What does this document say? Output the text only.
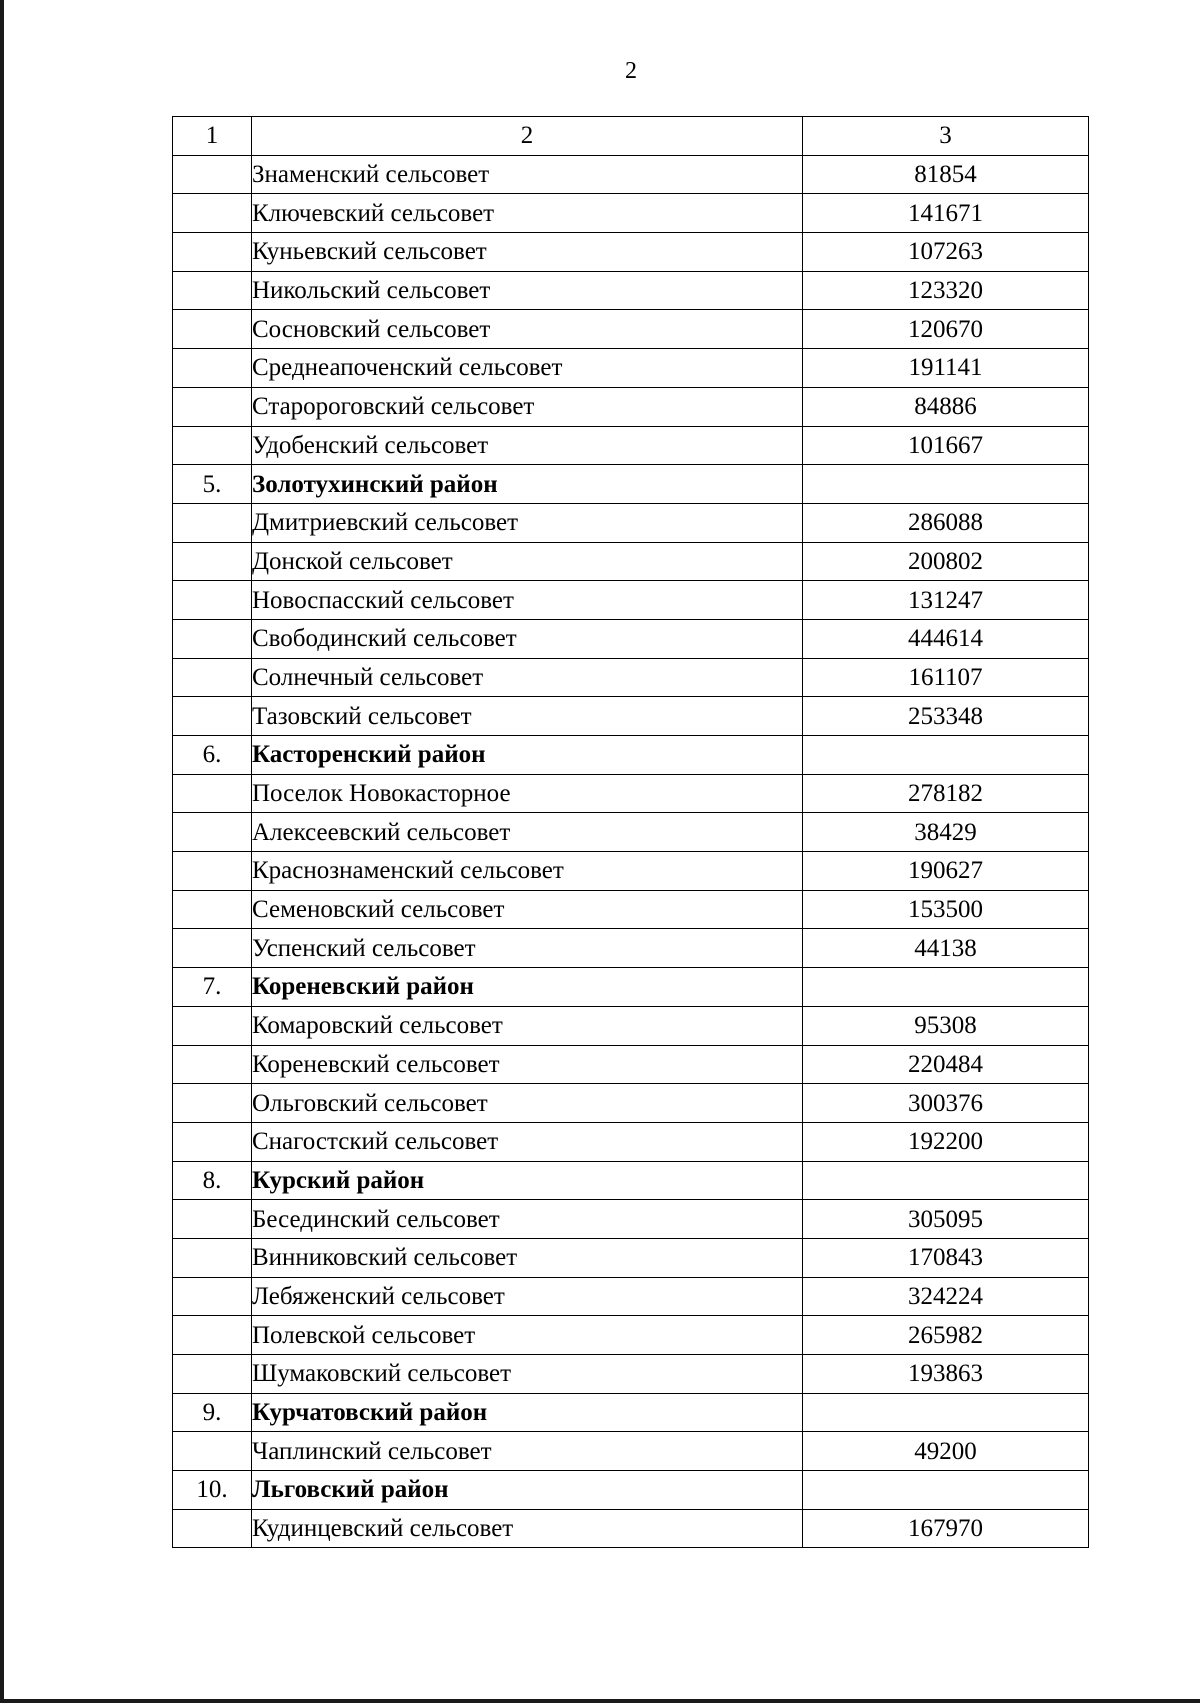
2
1	2	3
	Знаменский сельсовет	81854
	Ключевский сельсовет	141671
	Куньевский сельсовет	107263
	Никольский сельсовет	123320
	Сосновский сельсовет	120670
	Среднеапоченский сельсовет	191141
	Старороговский сельсовет	84886
	Удобенский сельсовет	101667
5.	Золотухинский район	
	Дмитриевский сельсовет	286088
	Донской сельсовет	200802
	Новоспасский сельсовет	131247
	Свободинский сельсовет	444614
	Солнечный сельсовет	161107
	Тазовский сельсовет	253348
6.	Касторенский район	
	Поселок Новокасторное	278182
	Алексеевский сельсовет	38429
	Краснознаменский сельсовет	190627
	Семеновский сельсовет	153500
	Успенский сельсовет	44138
7.	Кореневский район	
	Комаровский сельсовет	95308
	Кореневский сельсовет	220484
	Ольговский сельсовет	300376
	Снагостский сельсовет	192200
8.	Курский район	
	Бесединский сельсовет	305095
	Винниковский сельсовет	170843
	Лебяженский сельсовет	324224
	Полевской сельсовет	265982
	Шумаковский сельсовет	193863
9.	Курчатовский район	
	Чаплинский сельсовет	49200
10.	Льговский район	
	Кудинцевский сельсовет	167970
